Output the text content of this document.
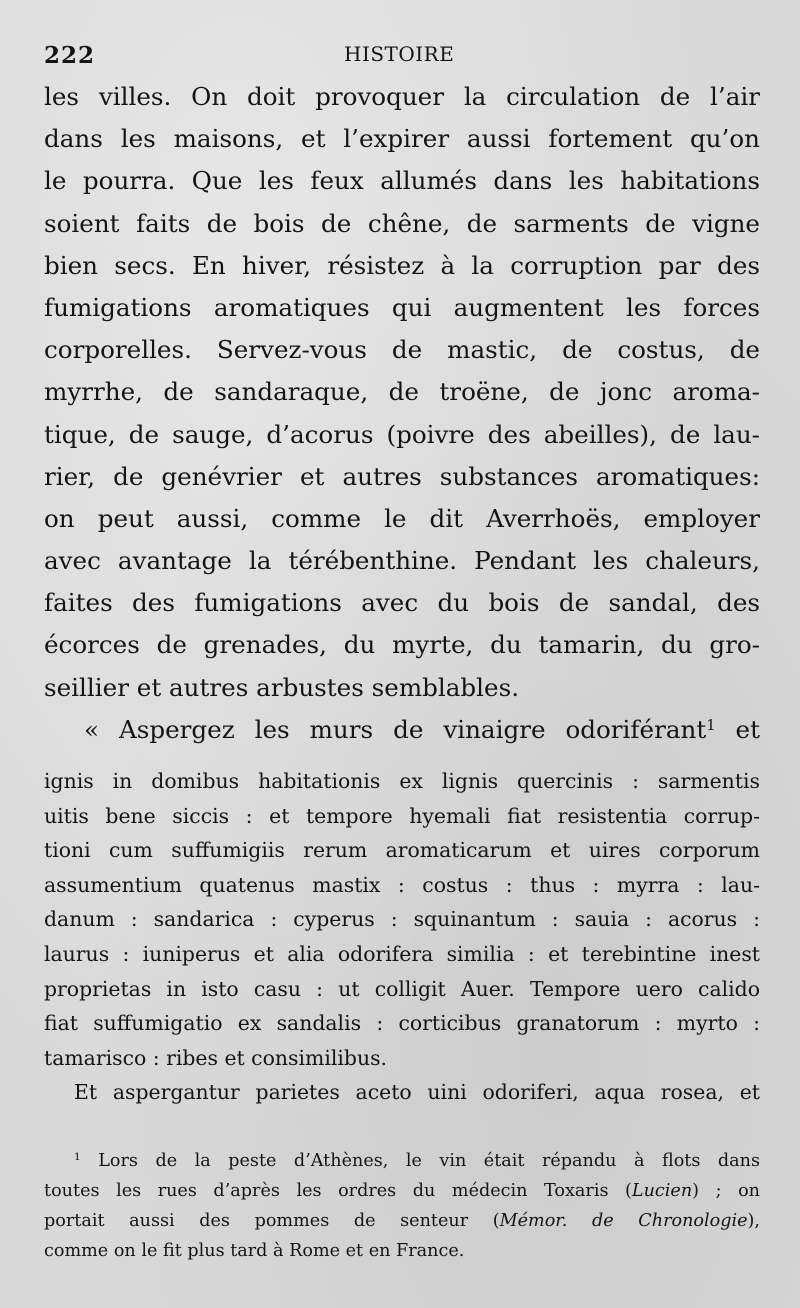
222	HISTOIRE
les villes. On doit provoquer la circulation de l’air
dans les maisons, et l’expirer aussi fortement qu’on
le pourra. Que les feux allumés dans les habitations
soient faits de bois de chêne, de sarments de vigne
bien secs. En hiver, résistez à la corruption par des
fumigations aromatiques qui augmentent les forces
corporelles. Servez-vous de mastic, de costus, de
myrrhe, de sandaraque, de troëne, de jonc aroma-
tique, de sauge, d’acorus (poivre des abeilles), de lau-
rier, de genévrier et autres substances aromatiques:
on peut aussi, comme le dit Averrhoës, employer
avec avantage la térébenthine. Pendant les chaleurs,
faites des fumigations avec du bois de sandal, des
écorces de grenades, du myrte, du tamarin, du gro-
seillier et autres arbustes semblables.
« Aspergez les murs de vinaigre odoriférant$^1$ et
ignis in domibus habitationis ex lignis quercinis : sarmentis
uitis bene siccis : et tempore hyemali fiat resistentia corrup-
tioni cum suffumigiis rerum aromaticarum et uires corporum
assumentium quatenus mastix : costus : thus : myrra : lau-
danum : sandarica : cyperus : squinantum : sauia : acorus :
laurus : iuniperus et alia odorifera similia : et terebintine inest
proprietas in isto casu : ut colligit Auer. Tempore uero calido
fiat suffumigatio ex sandalis : corticibus granatorum : myrto :
tamarisco : ribes et consimilibus.
Et aspergantur parietes aceto uini odoriferi, aqua rosea, et
$^1$ Lors de la peste d’Athènes, le vin était répandu à flots dans
toutes les rues d’après les ordres du médecin Toxaris (Lucien) ; on
portait aussi des pommes de senteur (Mémor. de Chronologie),
comme on le fit plus tard à Rome et en France.
